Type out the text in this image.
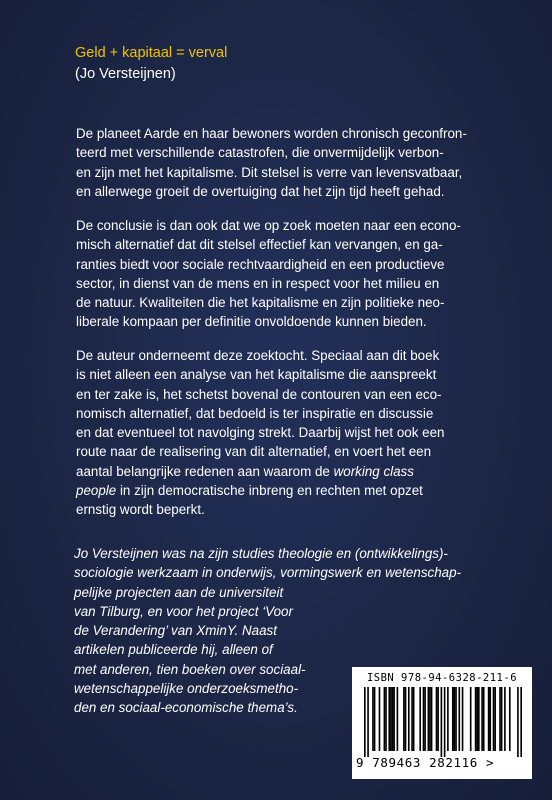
Geld + kapitaal = verval
(Jo Versteijnen)
De planeet Aarde en haar bewoners worden chronisch geconfron-
teerd met verschillende catastrofen, die onvermijdelijk verbon-
en zijn met het kapitalisme. Dit stelsel is verre van levensvatbaar,
en allerwege groeit de overtuiging dat het zijn tijd heeft gehad.
De conclusie is dan ook dat we op zoek moeten naar een econo-
misch alternatief dat dit stelsel effectief kan vervangen, en ga-
ranties biedt voor sociale rechtvaardigheid en een productieve
sector, in dienst van de mens en in respect voor het milieu en
de natuur. Kwaliteiten die het kapitalisme en zijn politieke neo-
liberale kompaan per definitie onvoldoende kunnen bieden.
De auteur onderneemt deze zoektocht. Speciaal aan dit boek
is niet alleen een analyse van het kapitalisme die aanspreekt
en ter zake is, het schetst bovenal de contouren van een eco-
nomisch alternatief, dat bedoeld is ter inspiratie en discussie
en dat eventueel tot navolging strekt. Daarbij wijst het ook een
route naar de realisering van dit alternatief, en voert het een
aantal belangrijke redenen aan waarom de working class
people in zijn democratische inbreng en rechten met opzet
ernstig wordt beperkt.
Jo Versteijnen was na zijn studies theologie en (ontwikkelings)-
sociologie werkzaam in onderwijs, vormingswerk en wetenschap-
pelijke projecten aan de universiteit
van Tilburg, en voor het project ‘Voor
de Verandering’ van XminY. Naast
artikelen publiceerde hij, alleen of
met anderen, tien boeken over sociaal-
wetenschappelijke onderzoeksmetho-
den en sociaal-economische thema’s.
ISBN 978-94-6328-211-6
9 789463 282116 >
